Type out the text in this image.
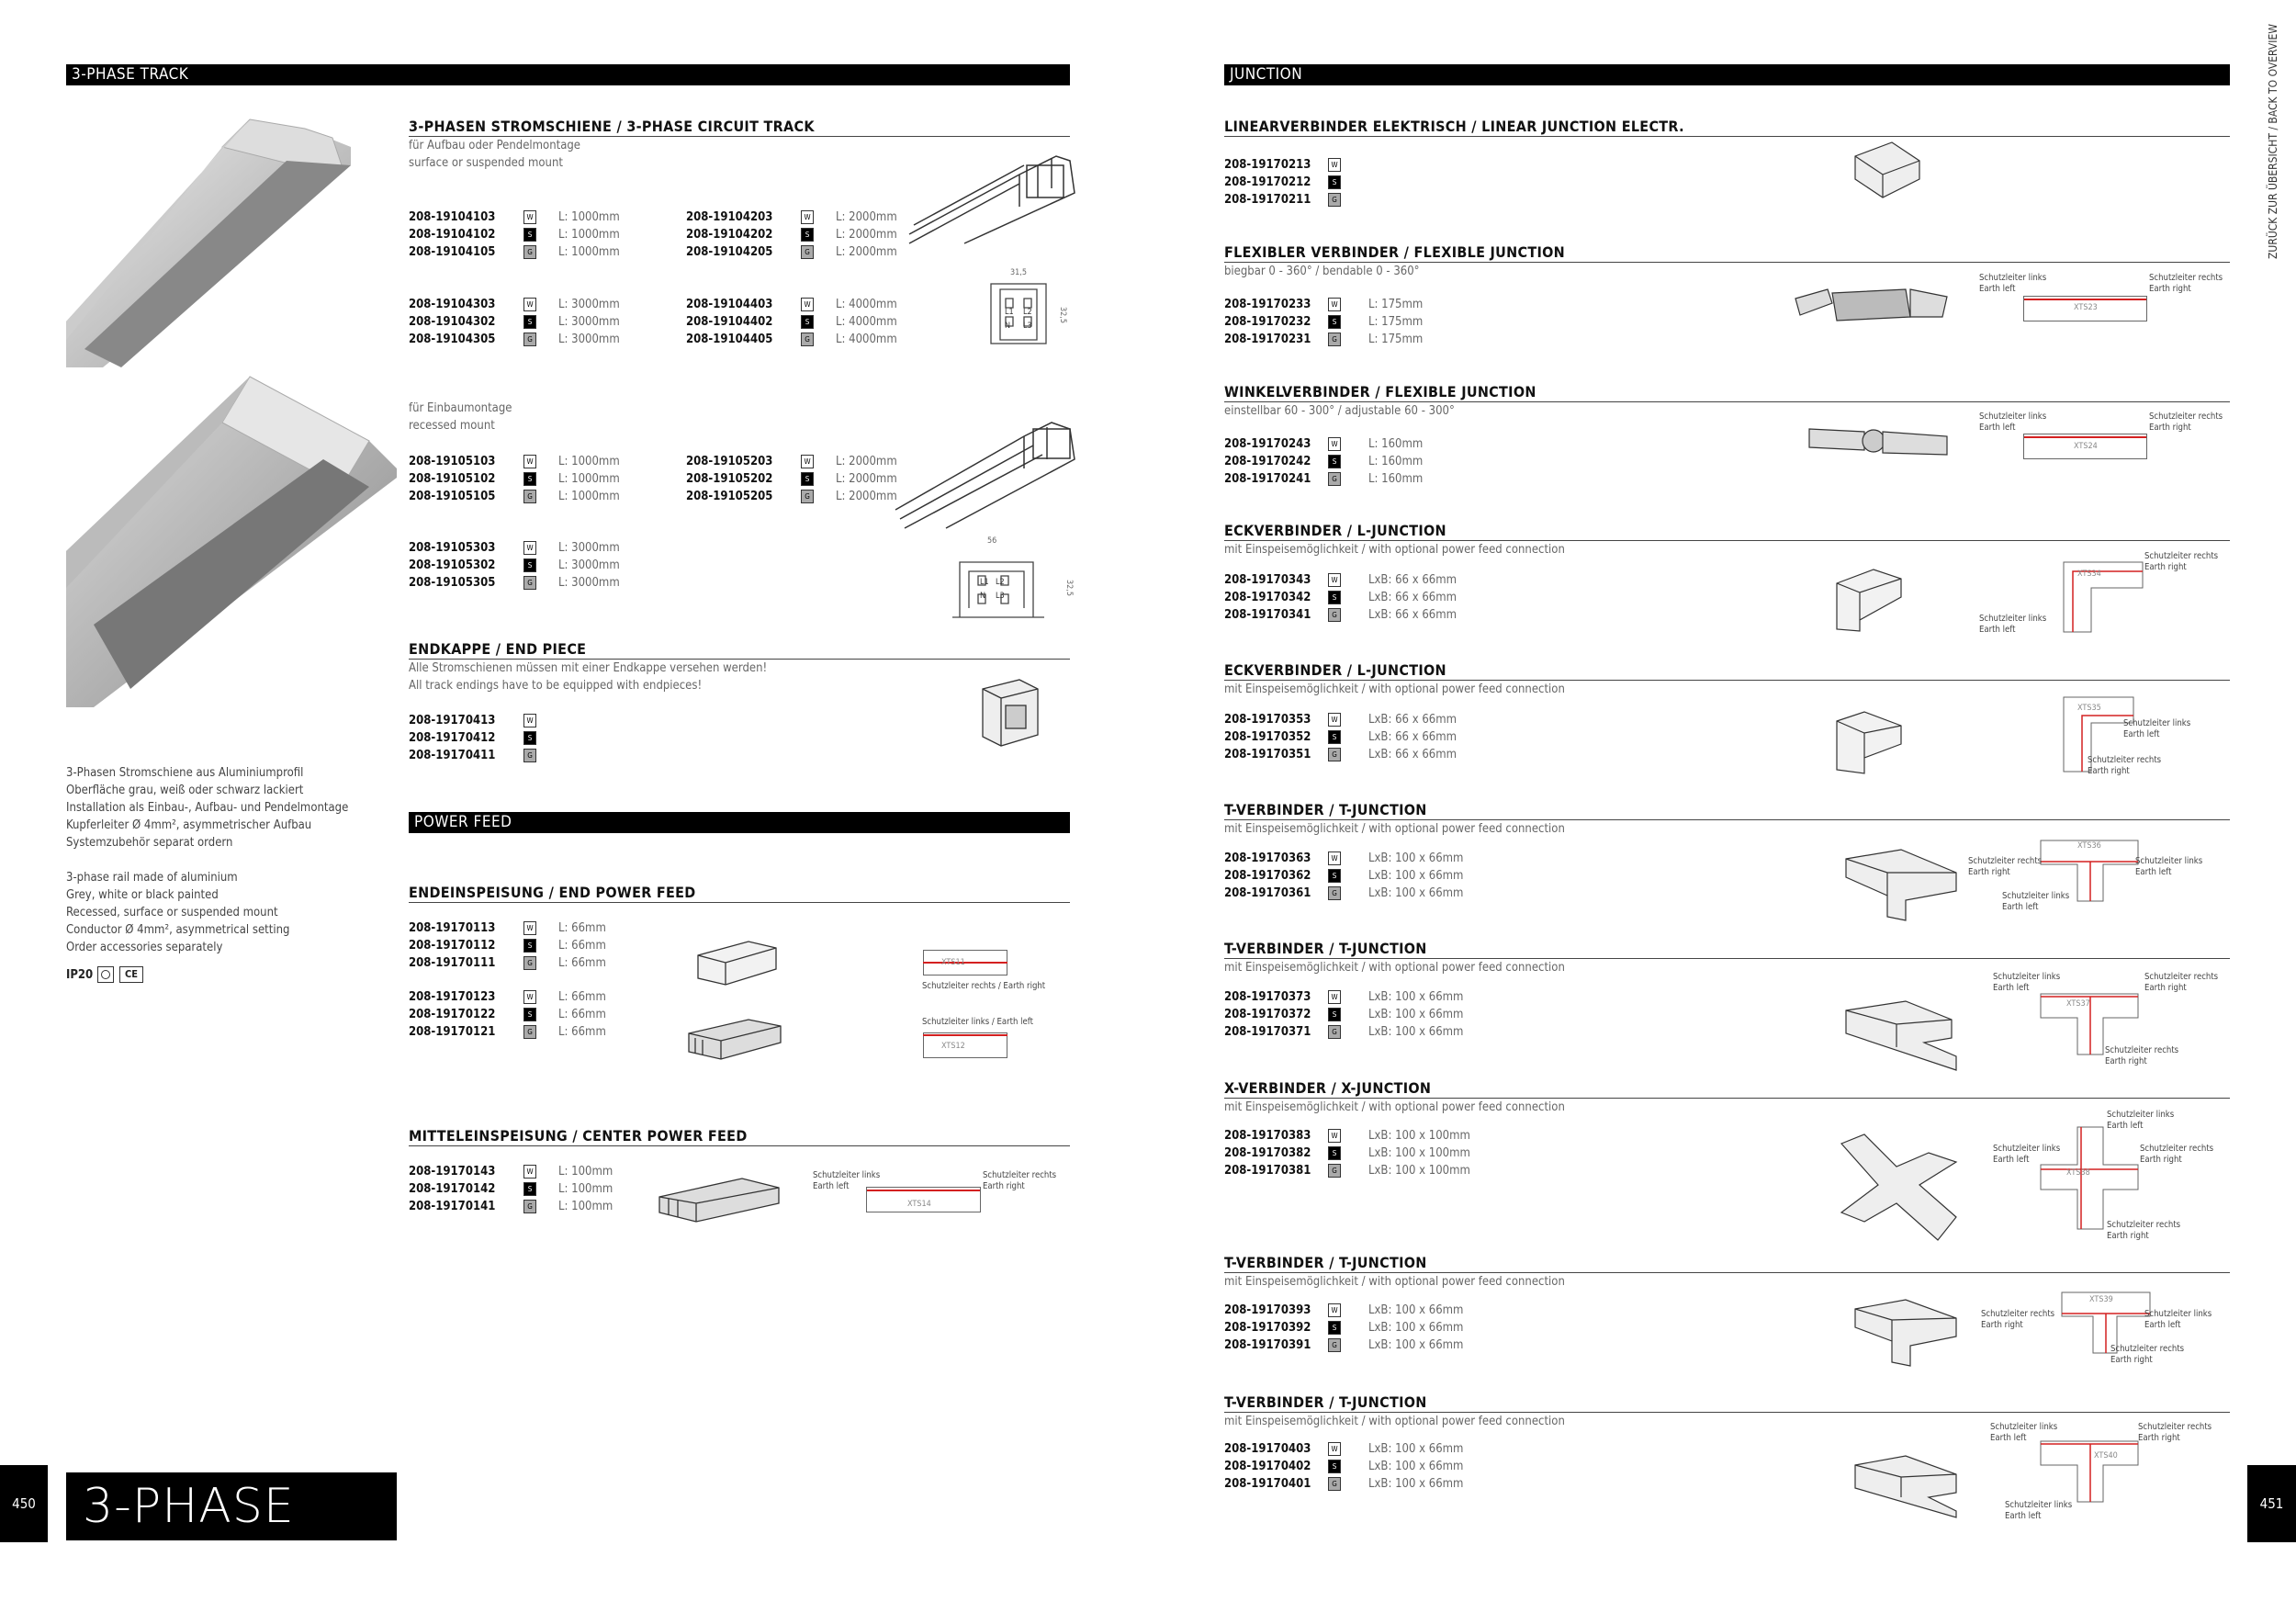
3-PHASE TRACK
3-Phasen Stromschiene aus Aluminiumprofil
Oberfläche grau, weiß oder schwarz lackiert
Installation als Einbau-, Aufbau- und Pendelmontage
Kupferleiter Ø 4mm², asymmetrischer Aufbau
Systemzubehör separat ordern
3-phase rail made of aluminium
Grey, white or black painted
Recessed, surface or suspended mount
Conductor Ø 4mm², asymmetrical setting
Order accessories separately
IP20	CE
3-PHASEN STROMSCHIENE / 3-PHASE CIRCUIT TRACK
für Aufbau oder Pendelmontage
surface or suspended mount
208-19104103	W L: 1000mm
208-19104102	S	L: 1000mm
208-19104105	G	L: 1000mm
208-19104203	W L: 2000mm
208-19104202	S	L: 2000mm
208-19104205	G	L: 2000mm
208-19104303	W L: 3000mm
208-19104302	S	L: 3000mm
208-19104305	G	L: 3000mm
208-19104403	W L: 4000mm
208-19104402	S	L: 4000mm
208-19104405	G	L: 4000mm
31,5
32,5
L1 L2
N L3
für Einbaumontage
recessed mount
208-19105103	W L: 1000mm
208-19105102	S	L: 1000mm
208-19105105	G	L: 1000mm
208-19105203	W L: 2000mm
208-19105202	S	L: 2000mm
208-19105205	G	L: 2000mm
208-19105303	W L: 3000mm
208-19105302	S	L: 3000mm
208-19105305	G	L: 3000mm
56
32,5
L1 L2
N L3
ENDKAPPE / END PIECE
Alle Stromschienen müssen mit einer Endkappe versehen werden!
All track endings have to be equipped with endpieces!
208-19170413	W
208-19170412	S
208-19170411	G
POWER FEED
ENDEINSPEISUNG / END POWER FEED
208-19170113	W L: 66mm
208-19170112	S	L: 66mm
208-19170111	G	L: 66mm
208-19170123	W L: 66mm
208-19170122	S	L: 66mm
208-19170121	G	L: 66mm
XTS11
Schutzleiter rechts / Earth right
Schutzleiter links / Earth left
XTS12
MITTELEINSPEISUNG / CENTER POWER FEED
208-19170143	W L: 100mm
208-19170142	S	L: 100mm
208-19170141	G	L: 100mm
Schutzleiter links
Earth left
Schutzleiter rechts
Earth right
XTS14
450 3-PHASE TRACK
JUNCTION	ZURÜCK ZUR ÜBERSICHT / BACK TO OVERVIEW
LINEARVERBINDER ELEKTRISCH / LINEAR JUNCTION ELECTR.
208-19170213	W
208-19170212	S
208-19170211	G
FLEXIBLER VERBINDER / FLEXIBLE JUNCTION
biegbar 0 - 360° / bendable 0 - 360°
208-19170233	W	L: 175mm
208-19170232	S	L: 175mm
208-19170231	G	L: 175mm
WINKELVERBINDER / FLEXIBLE JUNCTION
einstellbar 60 - 300° / adjustable 60 - 300°
208-19170243	W	L: 160mm
208-19170242	S	L: 160mm
208-19170241	G	L: 160mm
ECKVERBINDER / L-JUNCTION
mit Einspeisemöglichkeit / with optional power feed connection
208-19170343	W	LxB: 66 x 66mm
208-19170342	S	LxB: 66 x 66mm
208-19170341	G	LxB: 66 x 66mm
ECKVERBINDER / L-JUNCTION
mit Einspeisemöglichkeit / with optional power feed connection
208-19170353	W	LxB: 66 x 66mm
208-19170352	S	LxB: 66 x 66mm
208-19170351	G	LxB: 66 x 66mm
T-VERBINDER / T-JUNCTION
mit Einspeisemöglichkeit / with optional power feed connection
208-19170363	W	LxB: 100 x 66mm
208-19170362	S	LxB: 100 x 66mm
208-19170361	G	LxB: 100 x 66mm
T-VERBINDER / T-JUNCTION
mit Einspeisemöglichkeit / with optional power feed connection
208-19170373	W	LxB: 100 x 66mm
208-19170372	S	LxB: 100 x 66mm
208-19170371	G	LxB: 100 x 66mm
X-VERBINDER / X-JUNCTION
mit Einspeisemöglichkeit / with optional power feed connection
208-19170383	W	LxB: 100 x 100mm
208-19170382	S	LxB: 100 x 100mm
208-19170381	G	LxB: 100 x 100mm
T-VERBINDER / T-JUNCTION
mit Einspeisemöglichkeit / with optional power feed connection
208-19170393	W	LxB: 100 x 66mm
208-19170392	S	LxB: 100 x 66mm
208-19170391	G	LxB: 100 x 66mm
T-VERBINDER / T-JUNCTION
mit Einspeisemöglichkeit / with optional power feed connection
208-19170403	W	LxB: 100 x 66mm
208-19170402	S	LxB: 100 x 66mm
208-19170401	G	LxB: 100 x 66mm
XTS23
Schutzleiter links
Earth left
Schutzleiter rechts
Earth right
XTS24
Schutzleiter links
Earth left
Schutzleiter rechts
Earth right
XTS34
Schutzleiter rechts
Earth right
Schutzleiter links
Earth left
XTS35
Schutzleiter links
Earth left
Schutzleiter rechts
Earth right
XTS36
Schutzleiter rechts
Earth right
Schutzleiter links
Earth left
Schutzleiter links
Earth left
XTS37
Schutzleiter links
Earth left
Schutzleiter rechts
Earth right
Schutzleiter rechts
Earth right
XTS38
Schutzleiter links
Earth left
Schutzleiter rechts
Earth right
Schutzleiter links
Earth left
Schutzleiter rechts
Earth right
XTS39
Schutzleiter rechts
Earth right
Schutzleiter links
Earth left
Schutzleiter rechts
Earth right
XTS40
Schutzleiter links
Earth left
Schutzleiter rechts
Earth right
Schutzleiter links
Earth left
451
